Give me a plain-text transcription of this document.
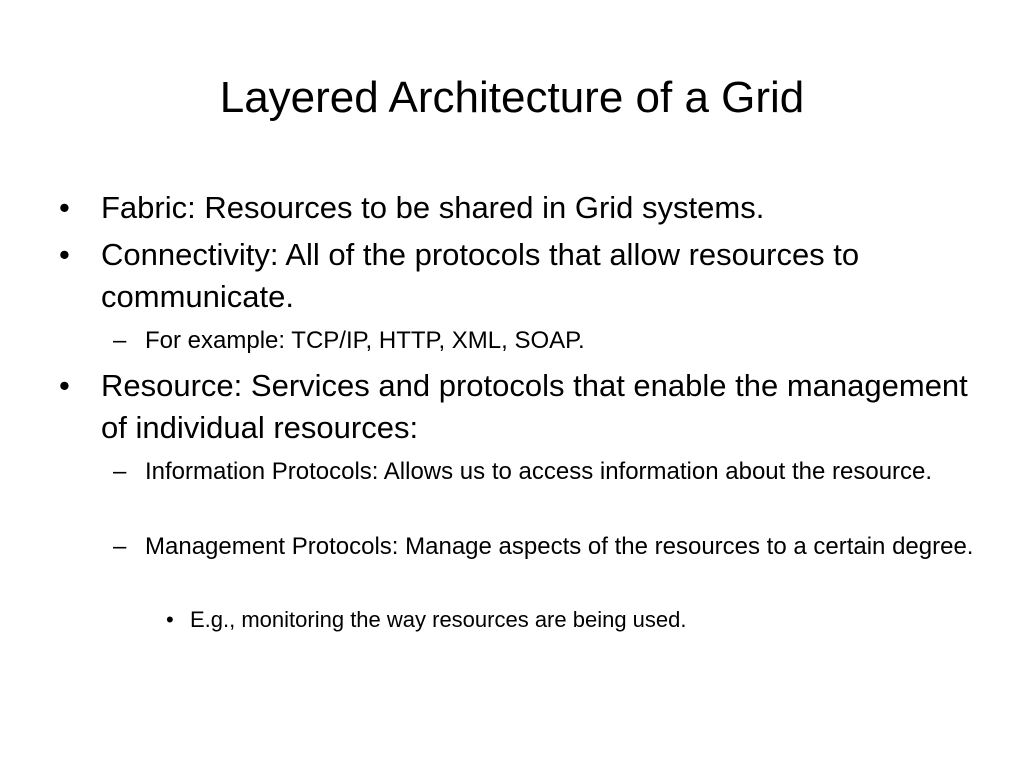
Layered Architecture of a Grid
• Fabric: Resources to be shared in Grid systems.
• Connectivity: All of the protocols that allow resources to communicate.
– For example: TCP/IP, HTTP, XML, SOAP.
• Resource: Services and protocols that enable the management of individual resources:
– Information Protocols: Allows us to access information about the resource.
– Management Protocols: Manage aspects of the resources to a certain degree.
• E.g., monitoring the way resources are being used.
